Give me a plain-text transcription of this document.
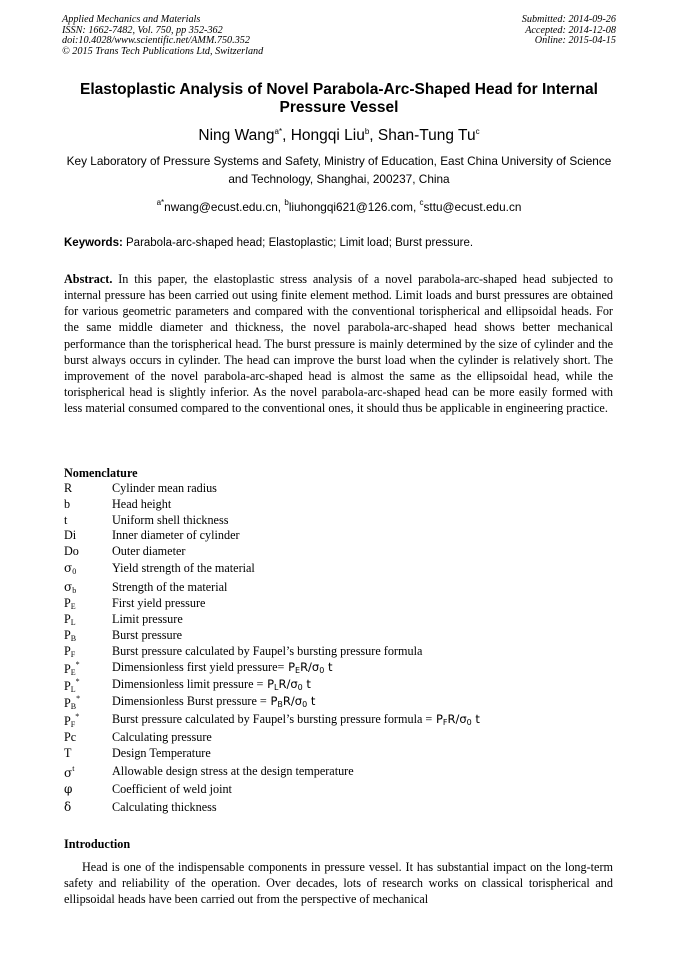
Applied Mechanics and Materials
ISSN: 1662-7482, Vol. 750, pp 352-362
doi:10.4028/www.scientific.net/AMM.750.352
© 2015 Trans Tech Publications Ltd, Switzerland
Submitted: 2014-09-26
Accepted: 2014-12-08
Online: 2015-04-15
Elastoplastic Analysis of Novel Parabola-Arc-Shaped Head for Internal Pressure Vessel
Ning Wang$^{a*}$, Hongqi Liu$^b$, Shan-Tung Tu$^c$
Key Laboratory of Pressure Systems and Safety, Ministry of Education, East China University of Science and Technology, Shanghai, 200237, China
$^{a*}$nwang@ecust.edu.cn, $^b$liuhongqi621@126.com, $^c$sttu@ecust.edu.cn
Keywords: Parabola-arc-shaped head; Elastoplastic; Limit load; Burst pressure.
Abstract. In this paper, the elastoplastic stress analysis of a novel parabola-arc-shaped head subjected to internal pressure has been carried out using finite element method. Limit loads and burst pressures are obtained for various geometric parameters and compared with the conventional torispherical and ellipsoidal heads. For the same middle diameter and thickness, the novel parabola-arc-shaped head shows better mechanical performance than the torispherical head. The burst pressure is mainly determined by the size of cylinder and the burst always occurs in cylinder. The head can improve the burst load when the cylinder is relatively short. The improvement of the novel parabola-arc-shaped head is almost the same as the ellipsoidal head, while the torispherical head is slightly inferior. As the novel parabola-arc-shaped head can be more easily formed with less material consumed compared to the conventional ones, it should thus be applicable in engineering practice.
Nomenclature
R	Cylinder mean radius
b	Head height
t	Uniform shell thickness
Di	Inner diameter of cylinder
Do	Outer diameter
$\sigma_0$	Yield strength of the material
$\sigma_b$	Strength of the material
$P_E$	First yield pressure
$P_L$	Limit pressure
$P_B$	Burst pressure
$P_F$	Burst pressure calculated by Faupel’s bursting pressure formula
$P_E^*$	Dimensionless first yield pressure= $P_ER/\sigma_0$ t
$P_L^*$	Dimensionless limit pressure = $P_LR/\sigma_0$ t
$P_B^*$	Dimensionless Burst pressure = $P_BR/\sigma_0$ t
$P_F^*$	Burst pressure calculated by Faupel’s bursting pressure formula = $P_FR/\sigma_0$ t
Pc	Calculating pressure
T	Design Temperature
$\sigma^t$	Allowable design stress at the design temperature
φ	Coefficient of weld joint
δ	Calculating thickness
Introduction
Head is one of the indispensable components in pressure vessel. It has substantial impact on the long-term safety and reliability of the operation. Over decades, lots of research works on classical torispherical and ellipsoidal heads have been carried out from the perspective of mechanical
